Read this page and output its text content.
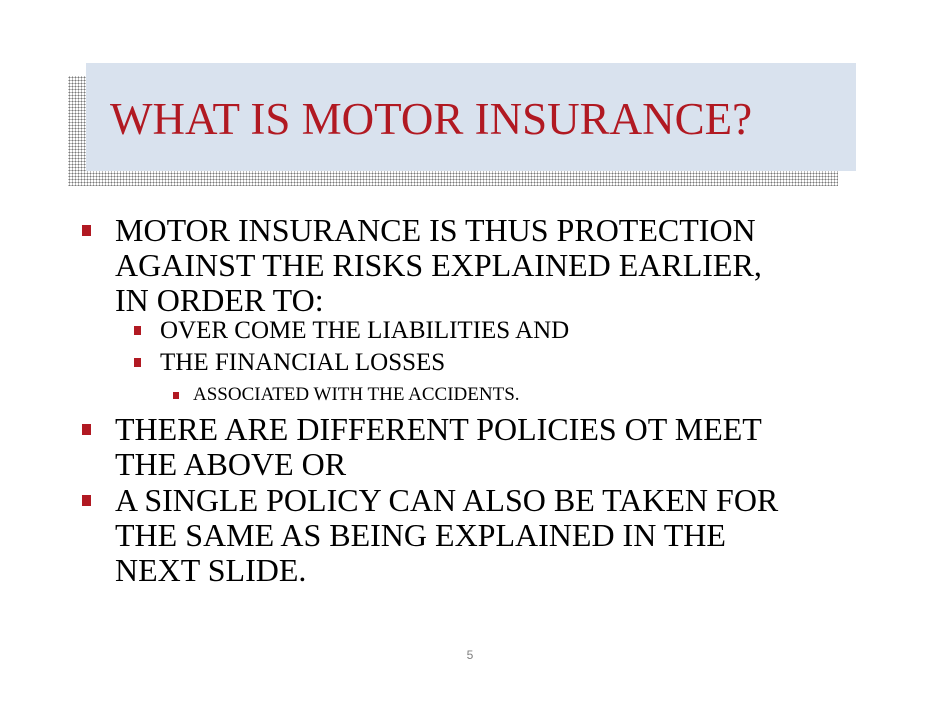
WHAT IS MOTOR INSURANCE?
MOTOR INSURANCE IS THUS PROTECTION
AGAINST THE RISKS EXPLAINED EARLIER,
IN ORDER TO:
OVER COME THE LIABILITIES AND
THE FINANCIAL LOSSES
ASSOCIATED WITH THE ACCIDENTS.
THERE ARE DIFFERENT POLICIES OT MEET
THE ABOVE OR
A SINGLE POLICY CAN ALSO BE TAKEN FOR
THE SAME AS BEING EXPLAINED IN THE
NEXT SLIDE.
5
